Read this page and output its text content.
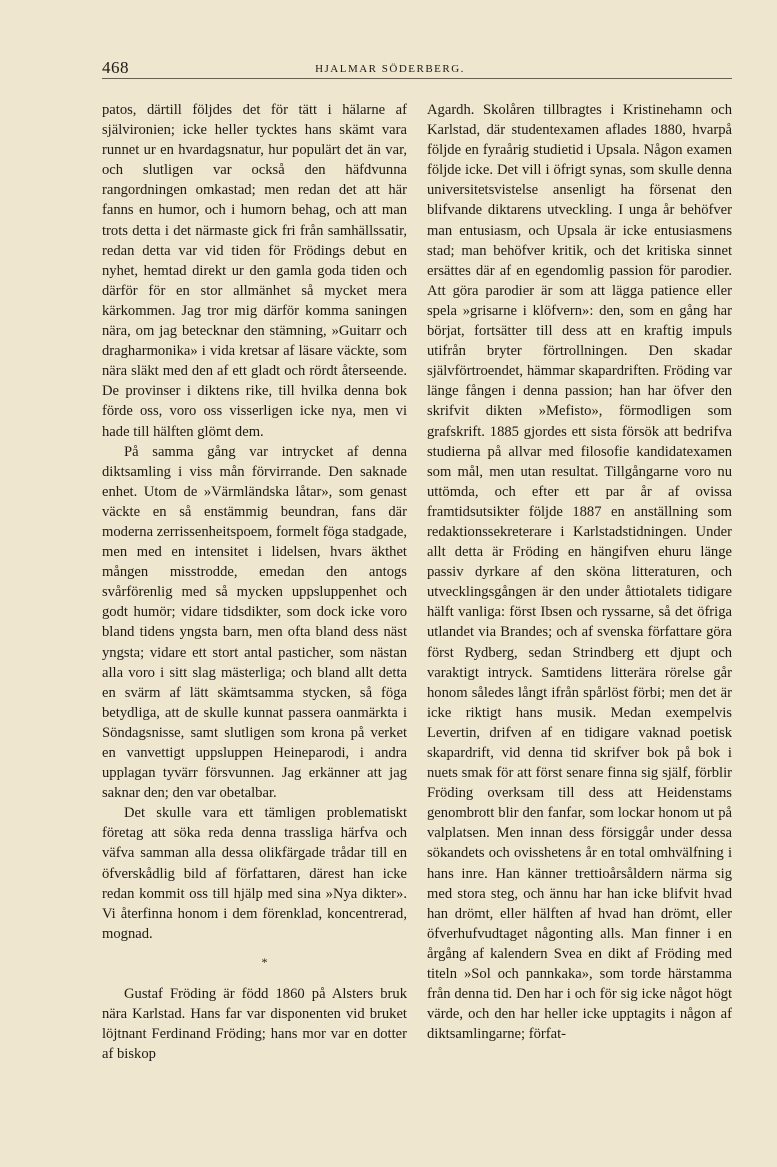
468	HJALMAR SÖDERBERG.

patos, därtill följdes det för tätt i hälarne af självironien; icke heller tycktes hans skämt vara runnet ur en hvardagsnatur, hur populärt det än var, och slutligen var också den häfdvunna rangordningen omkastad; men redan det att här fanns en humor, och i humorn behag, och att man trots detta i det närmaste gick fri från samhällssatir, redan detta var vid tiden för Frödings debut en nyhet, hemtad direkt ur den gamla goda tiden och därför för en stor allmänhet så mycket mera kärkommen. Jag tror mig därför komma saningen nära, om jag betecknar den stämning, »Guitarr och dragharmonika» i vida kretsar af läsare väckte, som nära släkt med den af ett gladt och rördt återseende. De provinser i diktens rike, till hvilka denna bok förde oss, voro oss visserligen icke nya, men vi hade till hälften glömt dem.

På samma gång var intrycket af denna diktsamling i viss mån förvirrande. Den saknade enhet. Utom de »Värmländska låtar», som genast väckte en så enstämmig beundran, fans där moderna zerrissenheitspoem, formelt föga stadgade, men med en intensitet i lidelsen, hvars äkthet mången misstrodde, emedan den antogs svårförenlig med så mycken uppsluppenhet och godt humör; vidare tidsdikter, som dock icke voro bland tidens yngsta barn, men ofta bland dess näst yngsta; vidare ett stort antal pasticher, som nästan alla voro i sitt slag mästerliga; och bland allt detta en svärm af lätt skämtsamma stycken, så föga betydliga, att de skulle kunnat passera oanmärkta i Söndagsnisse, samt slutligen som krona på verket en vanvettigt uppsluppen Heineparodi, i andra upplagan tyvärr försvunnen. Jag erkänner att jag saknar den; den var obetalbar.

Det skulle vara ett tämligen problematiskt företag att söka reda denna trassliga härfva och väfva samman alla dessa olikfärgade trådar till en öfverskådlig bild af författaren, därest han icke redan kommit oss till hjälp med sina »Nya dikter». Vi återfinna honom i dem förenklad, koncentrerad, mognad.

*

Gustaf Fröding är född 1860 på Alsters bruk nära Karlstad. Hans far var disponenten vid bruket löjtnant Ferdinand Fröding; hans mor var en dotter af biskop

Agardh. Skolåren tillbragtes i Kristinehamn och Karlstad, där studentexamen aflades 1880, hvarpå följde en fyraårig studietid i Upsala. Någon examen följde icke. Det vill i öfrigt synas, som skulle denna universitetsvistelse ansenligt ha försenat den blifvande diktarens utveckling. I unga år behöfver man entusiasm, och Upsala är icke entusiasmens stad; man behöfver kritik, och det kritiska sinnet ersättes där af en egendomlig passion för parodier. Att göra parodier är som att lägga patience eller spela »grisarne i klöfvern»: den, som en gång har börjat, fortsätter till dess att en kraftig impuls utifrån bryter förtrollningen. Den skadar självförtroendet, hämmar skapardriften. Fröding var länge fången i denna passion; han har öfver den skrifvit dikten »Mefisto», förmodligen som grafskrift. 1885 gjordes ett sista försök att bedrifva studierna på allvar med filosofie kandidatexamen som mål, men utan resultat. Tillgångarne voro nu uttömda, och efter ett par år af ovissa framtidsutsikter följde 1887 en anställning som redaktionssekreterare i Karlstadstidningen. Under allt detta är Fröding en hängifven ehuru länge passiv dyrkare af den sköna litteraturen, och utvecklingsgången är den under åttiotalets tidigare hälft vanliga: först Ibsen och ryssarne, så det öfriga utlandet via Brandes; och af svenska författare göra först Rydberg, sedan Strindberg ett djupt och varaktigt intryck. Samtidens litterära rörelse går honom således långt ifrån spårlöst förbi; men det är icke riktigt hans musik. Medan exempelvis Levertin, drifven af en tidigare vaknad poetisk skapardrift, vid denna tid skrifver bok på bok i nuets smak för att först senare finna sig själf, förblir Fröding overksam till dess att Heidenstams genombrott blir den fanfar, som lockar honom ut på valplatsen. Men innan dess försiggår under dessa sökandets och ovisshetens år en total omhvälfning i hans inre. Han känner trettioårsåldern närma sig med stora steg, och ännu har han icke blifvit hvad han drömt, eller hälften af hvad han drömt, eller öfverhufvudtaget någonting alls. Man finner i en årgång af kalendern Svea en dikt af Fröding med titeln »Sol och pannkaka», som torde härstamma från denna tid. Den har i och för sig icke något högt värde, och den har heller icke upptagits i någon af diktsamlingarne; förfat-
